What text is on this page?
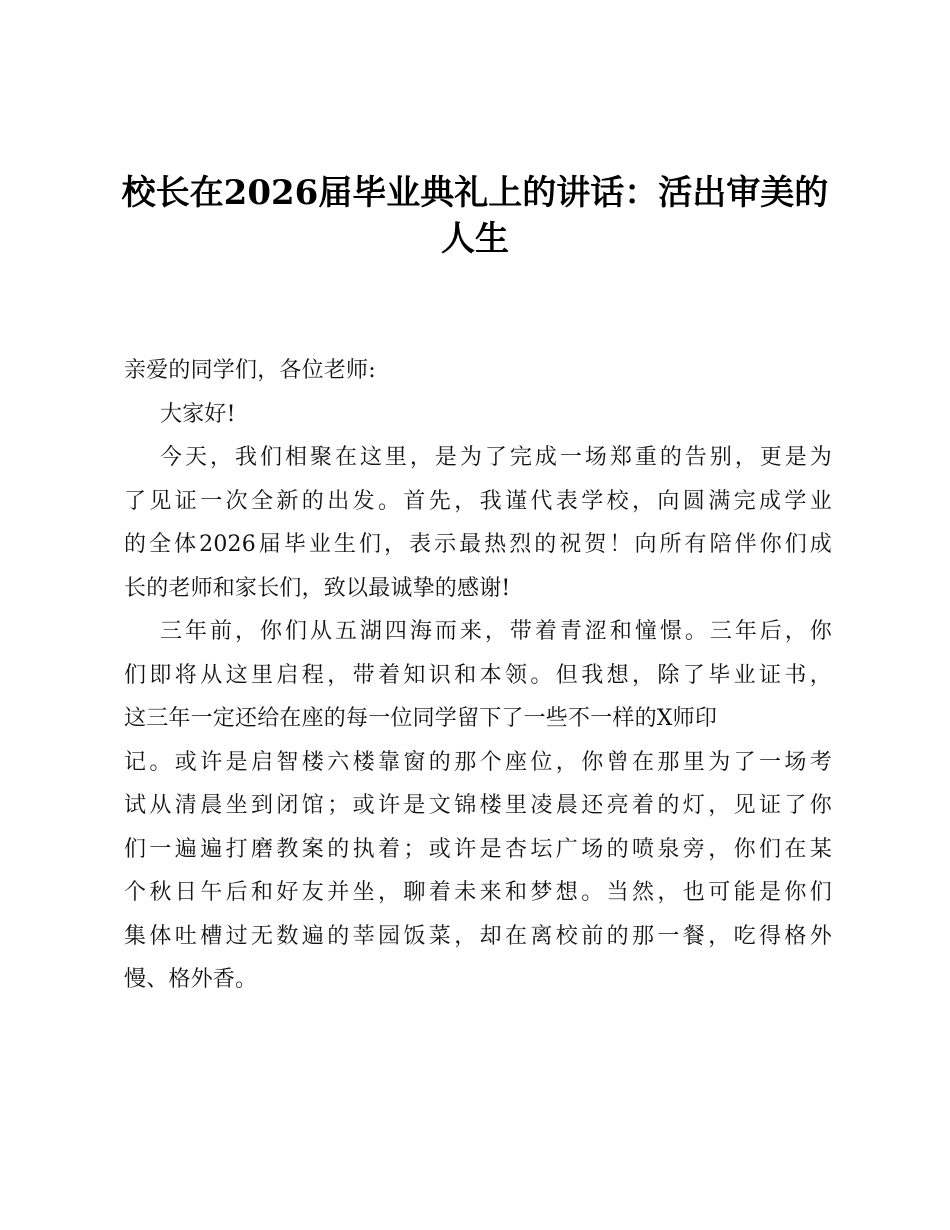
校长在2026届毕业典礼上的讲话：活出审美的人生
亲爱的同学们，各位老师:
大家好!
今天，我们相聚在这里，是为了完成一场郑重的告别，更是为
了见证一次全新的出发。首先，我谨代表学校，向圆满完成学业
的全体2026届毕业生们，表示最热烈的祝贺！向所有陪伴你们成
长的老师和家长们，致以最诚挚的感谢!
三年前，你们从五湖四海而来，带着青涩和憧憬。三年后，你
们即将从这里启程，带着知识和本领。但我想，除了毕业证书，
这三年一定还给在座的每一位同学留下了一些不一样的X师印
记。或许是启智楼六楼靠窗的那个座位，你曾在那里为了一场考
试从清晨坐到闭馆；或许是文锦楼里凌晨还亮着的灯，见证了你
们一遍遍打磨教案的执着；或许是杏坛广场的喷泉旁，你们在某
个秋日午后和好友并坐，聊着未来和梦想。当然，也可能是你们
集体吐槽过无数遍的莘园饭菜，却在离校前的那一餐，吃得格外
慢、格外香。
